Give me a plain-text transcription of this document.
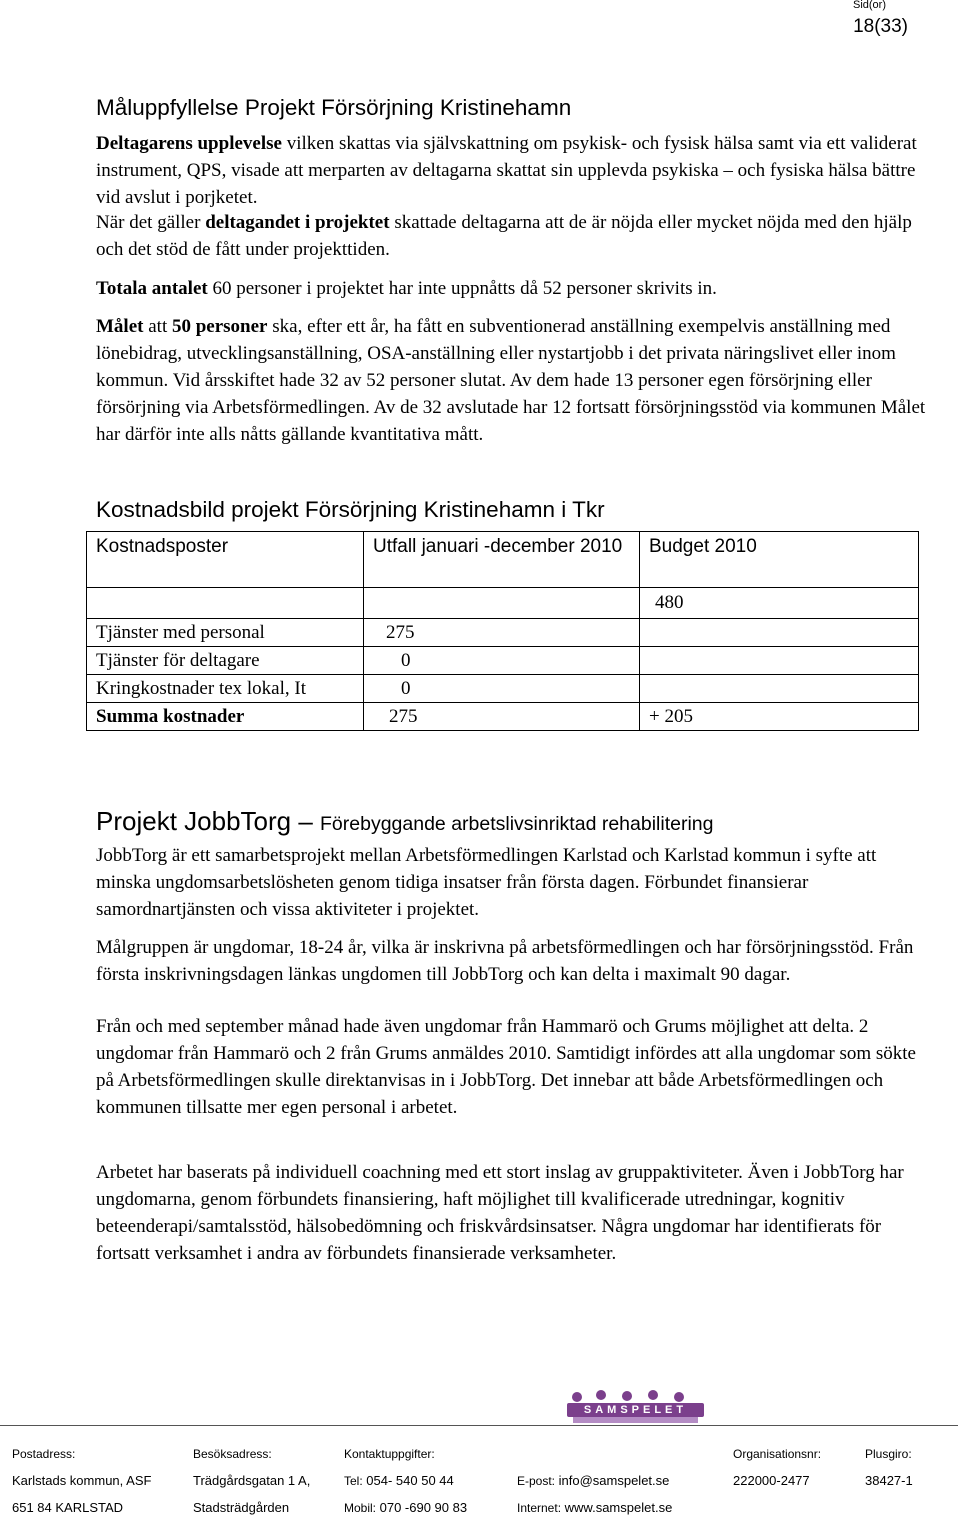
Sid(or)
18(33)
Måluppfyllelse Projekt Försörjning Kristinehamn

Deltagarens upplevelse vilken skattas via självskattning om psykisk- och fysisk hälsa samt via ett validerat instrument, QPS, visade att merparten av deltagarna skattat sin upplevda psykiska – och fysiska hälsa bättre vid avslut i porjketet.

När det gäller deltagandet i projektet skattade deltagarna att de är nöjda eller mycket nöjda med den hjälp och det stöd de fått under projekttiden.

Totala antalet 60 personer i projektet har inte uppnåtts då 52 personer skrivits in.

Målet att 50 personer ska, efter ett år, ha fått en subventionerad anställning exempelvis anställning med lönebidrag, utvecklingsanställning, OSA-anställning eller nystartjobb i det privata näringslivet eller inom kommun. Vid årsskiftet hade 32 av 52 personer slutat. Av dem hade 13 personer egen försörjning eller försörjning via Arbetsförmedlingen. Av de 32 avslutade har 12 fortsatt försörjningsstöd via kommunen Målet har därför inte alls nåtts gällande kvantitativa mått.

Kostnadsbild projekt Försörjning Kristinehamn i Tkr
Kostnadsposter	Utfall januari -december 2010	Budget 2010
		480
Tjänster med personal	275	
Tjänster för deltagare	0	
Kringkostnader tex lokal, It	0	
Summa kostnader	275	+ 205
Projekt JobbTorg – Förebyggande arbetslivsinriktad rehabilitering

JobbTorg är ett samarbetsprojekt mellan Arbetsförmedlingen Karlstad och Karlstad kommun i syfte att minska ungdomsarbetslösheten genom tidiga insatser från första dagen. Förbundet finansierar samordnartjänsten och vissa aktiviteter i projektet.

Målgruppen är ungdomar, 18-24 år, vilka är inskrivna på arbetsförmedlingen och har försörjningsstöd. Från första inskrivningsdagen länkas ungdomen till JobbTorg och kan delta i maximalt 90 dagar.

Från och med september månad hade även ungdomar från Hammarö och Grums möjlighet att delta. 2 ungdomar från Hammarö och 2 från Grums anmäldes 2010. Samtidigt infördes att alla ungdomar som sökte på Arbetsförmedlingen skulle direktanvisas in i JobbTorg. Det innebar att både Arbetsförmedlingen och kommunen tillsatte mer egen personal i arbetet.

Arbetet har baserats på individuell coachning med ett stort inslag av gruppaktiviteter. Även i JobbTorg har ungdomarna, genom förbundets finansiering, haft möjlighet till kvalificerade utredningar, kognitiv beteenderapi/samtalsstöd, hälsobedömning och friskvårdsinsatser. Några ungdomar har identifierats för fortsatt verksamhet i andra av förbundets finansierade verksamheter.

SAMSPELET
Postadress:
Karlstads kommun, ASF
651 84 KARLSTAD
Besöksadress:
Trädgårdsgatan 1 A,
Stadsträdgården
Kontaktuppgifter:
Tel: 054- 540 50 44
Mobil: 070 -690 90 83
E-post: info@samspelet.se
Internet: www.samspelet.se
Organisationsnr:
222000-2477
Plusgiro:
38427-1
